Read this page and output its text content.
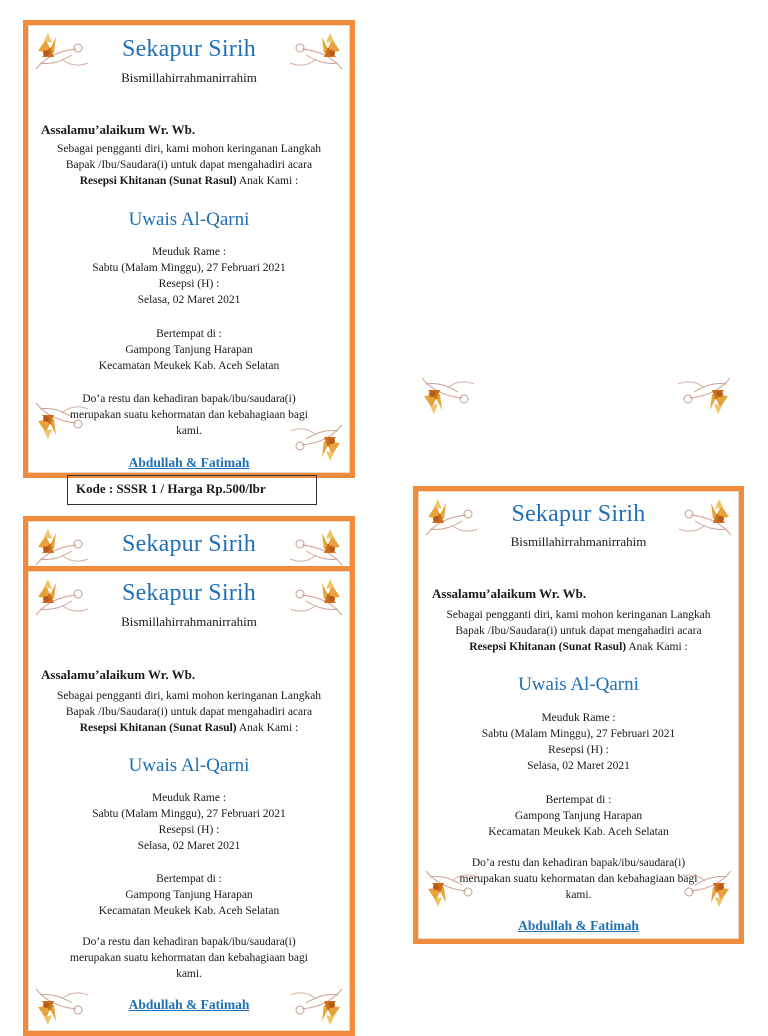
Sekapur Sirih
Bismillahirrahmanirrahim
Assalamu’alaikum Wr. Wb.
Sebagai pengganti diri, kami mohon keringanan Langkah
Bapak /Ibu/Saudara(i) untuk dapat mengahadiri acara
Resepsi Khitanan (Sunat Rasul) Anak Kami :
Uwais Al-Qarni
Meuduk Rame :
Sabtu (Malam Minggu), 27 Februari 2021
Resepsi (H) :
Selasa, 02 Maret 2021
Bertempat di :
Gampong Tanjung Harapan
Kecamatan Meukek Kab. Aceh Selatan
Do’a restu dan kehadiran bapak/ibu/saudara(i)
merupakan suatu kehormatan dan kebahagiaan bagi
kami.
Abdullah & Fatimah
Kode : SSSR 1 / Harga Rp.500/lbr
Sekapur Sirih
Sekapur Sirih
Bismillahirrahmanirrahim
Assalamu’alaikum Wr. Wb.
Sebagai pengganti diri, kami mohon keringanan Langkah
Bapak /Ibu/Saudara(i) untuk dapat mengahadiri acara
Resepsi Khitanan (Sunat Rasul) Anak Kami :
Uwais Al-Qarni
Meuduk Rame :
Sabtu (Malam Minggu), 27 Februari 2021
Resepsi (H) :
Selasa, 02 Maret 2021
Bertempat di :
Gampong Tanjung Harapan
Kecamatan Meukek Kab. Aceh Selatan
Do’a restu dan kehadiran bapak/ibu/saudara(i)
merupakan suatu kehormatan dan kebahagiaan bagi
kami.
Abdullah & Fatimah
Sekapur Sirih
Bismillahirrahmanirrahim
Assalamu’alaikum Wr. Wb.
Sebagai pengganti diri, kami mohon keringanan Langkah
Bapak /Ibu/Saudara(i) untuk dapat mengahadiri acara
Resepsi Khitanan (Sunat Rasul) Anak Kami :
Uwais Al-Qarni
Meuduk Rame :
Sabtu (Malam Minggu), 27 Februari 2021
Resepsi (H) :
Selasa, 02 Maret 2021
Bertempat di :
Gampong Tanjung Harapan
Kecamatan Meukek Kab. Aceh Selatan
Do’a restu dan kehadiran bapak/ibu/saudara(i)
merupakan suatu kehormatan dan kebahagiaan bagi
kami.
Abdullah & Fatimah
